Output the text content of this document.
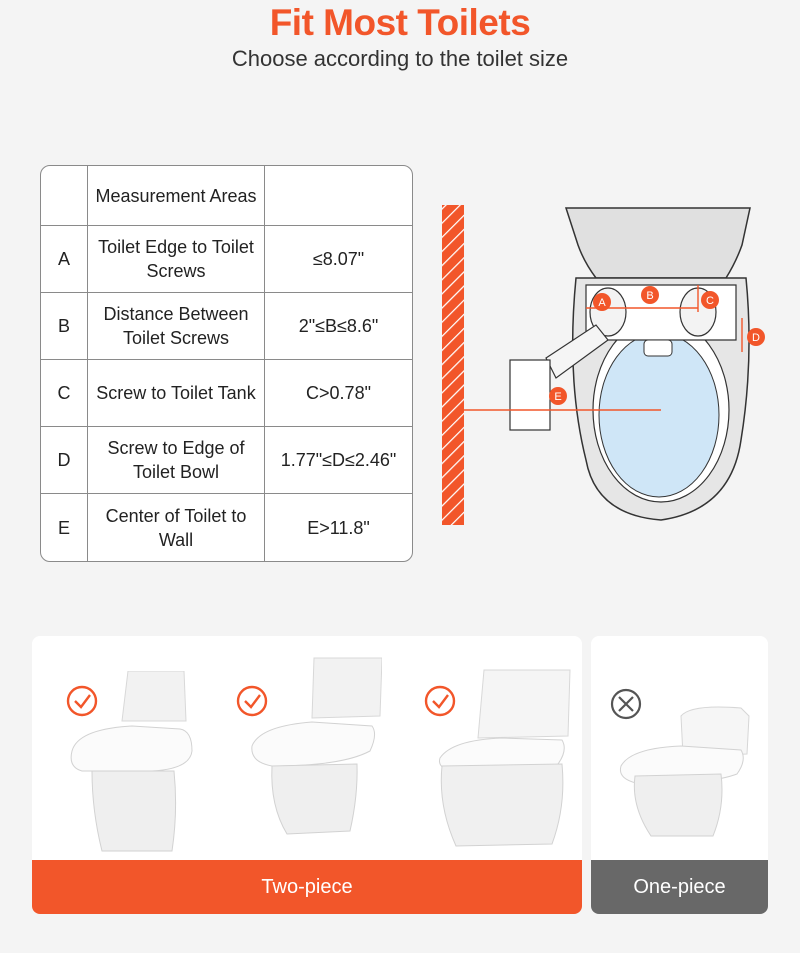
Fit Most Toilets
Choose according to the toilet size
	Measurement Areas	
A	Toilet Edge to Toilet Screws	≤8.07"
B	Distance Between Toilet Screws	2"≤B≤8.6"
C	Screw to Toilet Tank	C>0.78"
D	Screw to Edge of Toilet Bowl	1.77"≤D≤2.46"
E	Center of Toilet to Wall	E>11.8"
A
B	C
D
E
Two-piece	One-piece
